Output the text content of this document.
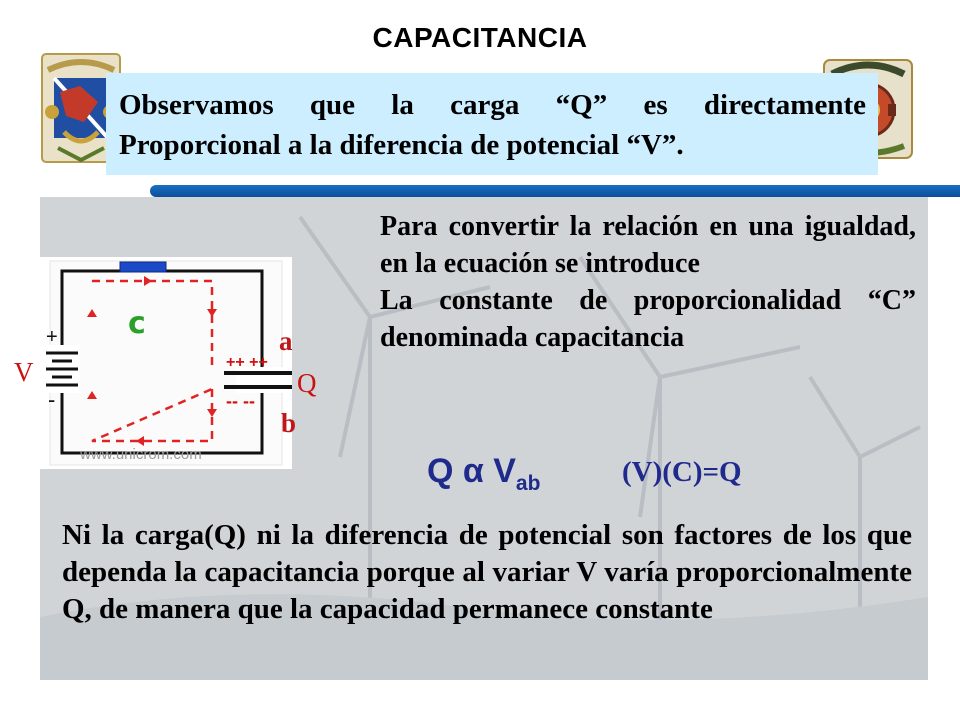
CAPACITANCIA
Observamos que la carga “Q” es directamente
Proporcional a la diferencia de potencial “V”.
+
-
++ ++
-- --
c
www.unicrom.com
V	Q
a
b
Para convertir la relación en una igualdad, en la ecuación se introduce
La constante de proporcionalidad “C” denominada capacitancia
Q α $V_{ab}$	(V)(C)=Q
Ni la carga(Q) ni la diferencia de potencial son factores de los que dependa la capacitancia porque al variar V varía proporcionalmente Q, de manera que la capacidad permanece constante
